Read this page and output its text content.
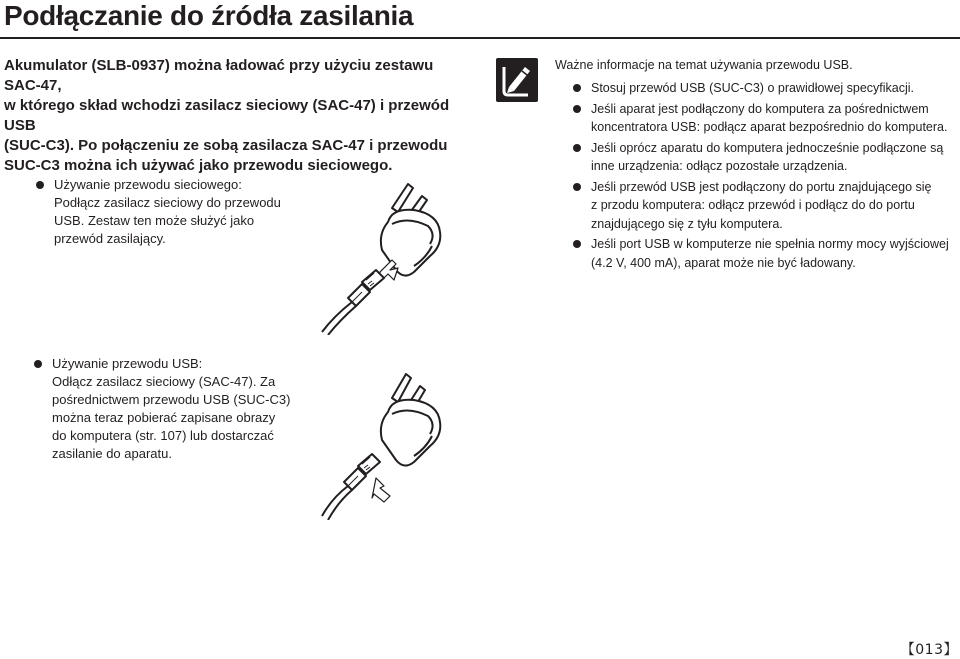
Podłączanie do źródła zasilania

Akumulator (SLB-0937) można ładować przy użyciu zestawu SAC-47,

w którego skład wchodzi zasilacz sieciowy (SAC-47) i przewód USB

(SUC-C3). Po połączeniu ze sobą zasilacza SAC-47 i przewodu

SUC-C3 można ich używać jako przewodu sieciowego.

Używanie przewodu sieciowego:
Podłącz zasilacz sieciowy do przewodu
USB. Zestaw ten może służyć jako
przewód zasilający.
Używanie przewodu USB:
Odłącz zasilacz sieciowy (SAC-47). Za
pośrednictwem przewodu USB (SUC-C3)
można teraz pobierać zapisane obrazy
do komputera (str. 107) lub dostarczać
zasilanie do aparatu.
Ważne informacje na temat używania przewodu USB.
Stosuj przewód USB (SUC-C3) o prawidłowej specyfikacji.
Jeśli aparat jest podłączony do komputera za pośrednictwem
koncentratora USB: podłącz aparat bezpośrednio do komputera.
Jeśli oprócz aparatu do komputera jednocześnie podłączone są
inne urządzenia: odłącz pozostałe urządzenia.
Jeśli przewód USB jest podłączony do portu znajdującego się
z przodu komputera: odłącz przewód i podłącz do do portu
znajdującego się z tyłu komputera.
Jeśli port USB w komputerze nie spełnia normy mocy wyjściowej
(4.2 V, 400 mA), aparat może nie być ładowany.
【013】
